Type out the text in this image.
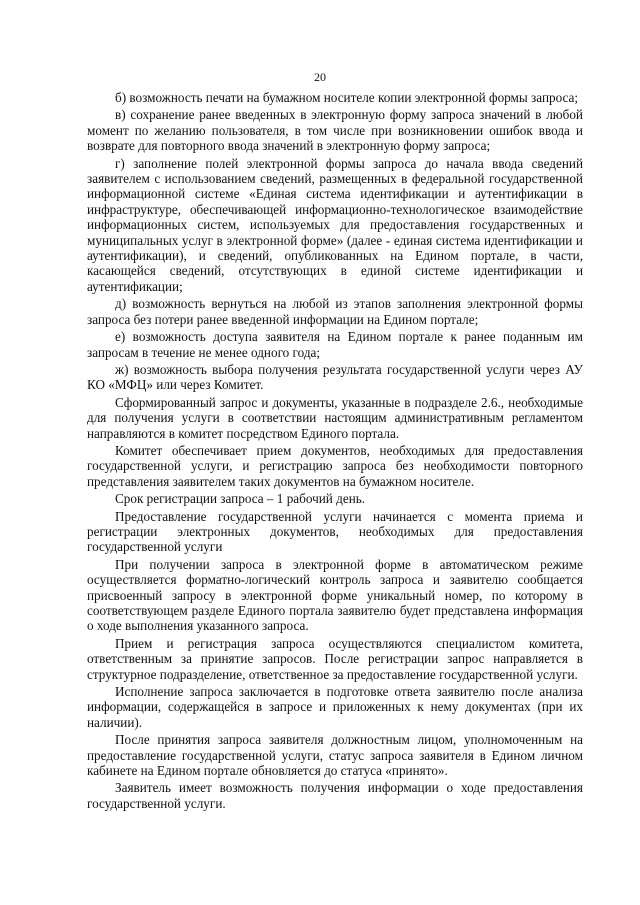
20

б) возможность печати на бумажном носителе копии электронной формы запроса;

в) сохранение ранее введенных в электронную форму запроса значений в любой момент по желанию пользователя, в том числе при возникновении ошибок ввода и возврате для повторного ввода значений в электронную форму запроса;

г) заполнение полей электронной формы запроса до начала ввода сведений заявителем с использованием сведений, размещенных в федеральной государственной информационной системе «Единая система идентификации и аутентификации в инфраструктуре, обеспечивающей информационно-технологическое взаимодействие информационных систем, используемых для предоставления государственных и муниципальных услуг в электронной форме» (далее - единая система идентификации и аутентификации), и сведений, опубликованных на Едином портале, в части, касающейся сведений, отсутствующих в единой системе идентификации и аутентификации;

д) возможность вернуться на любой из этапов заполнения электронной формы запроса без потери ранее введенной информации на Едином портале;

е) возможность доступа заявителя на Едином портале к ранее поданным им запросам в течение не менее одного года;

ж) возможность выбора получения результата государственной услуги через АУ КО «МФЦ» или через Комитет.

Сформированный запрос и документы, указанные в подразделе 2.6., необходимые для получения услуги в соответствии настоящим административным регламентом направляются в комитет посредством Единого портала.

Комитет обеспечивает прием документов, необходимых для предоставления государственной услуги, и регистрацию запроса без необходимости повторного представления заявителем таких документов на бумажном носителе.

Срок регистрации запроса – 1 рабочий день.

Предоставление государственной услуги начинается с момента приема и регистрации электронных документов, необходимых для предоставления государственной услуги

При получении запроса в электронной форме в автоматическом режиме осуществляется форматно-логический контроль запроса и заявителю сообщается присвоенный запросу в электронной форме уникальный номер, по которому в соответствующем разделе Единого портала заявителю будет представлена информация о ходе выполнения указанного запроса.

Прием и регистрация запроса осуществляются специалистом комитета, ответственным за принятие запросов. После регистрации запрос направляется в структурное подразделение, ответственное за предоставление государственной услуги.

Исполнение запроса заключается в подготовке ответа заявителю после анализа информации, содержащейся в запросе и приложенных к нему документах (при их наличии).

После принятия запроса заявителя должностным лицом, уполномоченным на предоставление государственной услуги, статус запроса заявителя в Едином личном кабинете на Едином портале обновляется до статуса «принято».

Заявитель имеет возможность получения информации о ходе предоставления государственной услуги.
